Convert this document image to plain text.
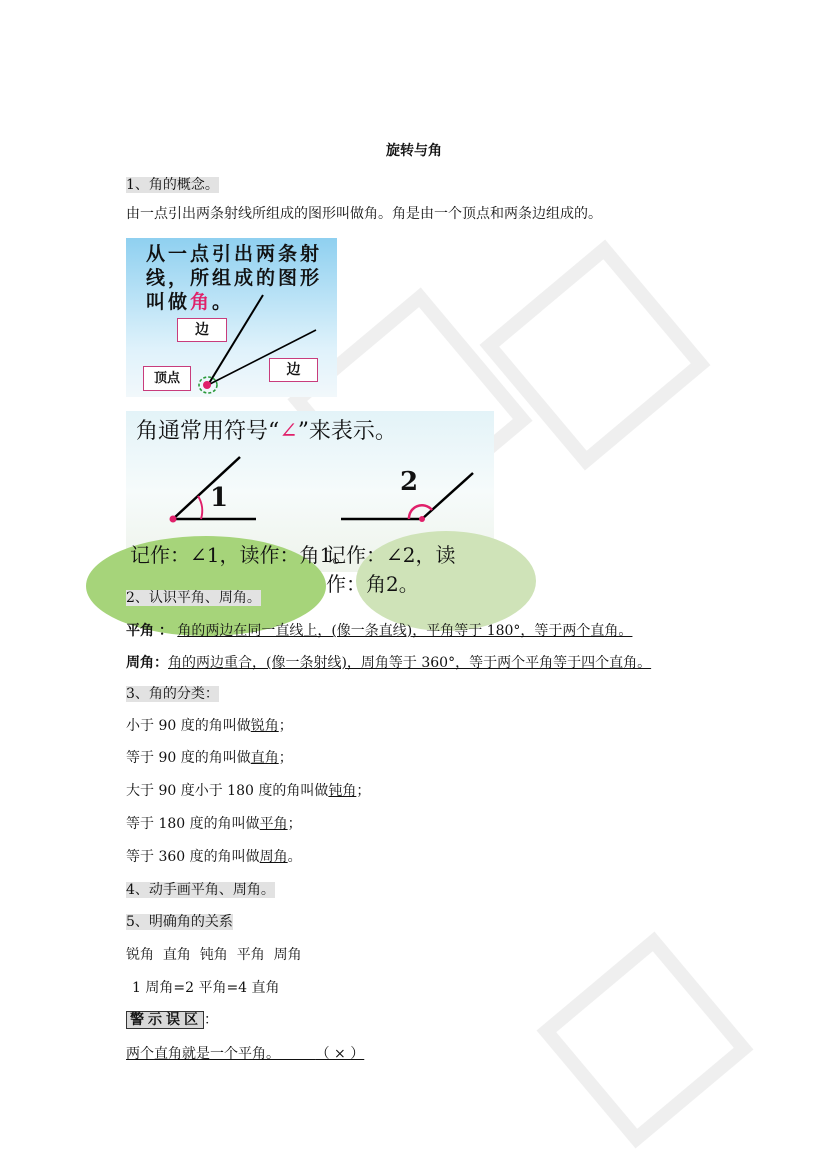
旋转与角
1、角的概念。
由一点引出两条射线所组成的图形叫做角。角是由一个顶点和两条边组成的。
从一点引出两条射
线，所组成的图形
叫做角。
边
边
顶点
角通常用符号“∠”来表示。
1
2
记作：∠1，读作：角1。
记作：∠2，读作：角2。
2、认识平角、周角。
平角 ： 角的两边在同一直线上，(像一条直线)，平角等于 180°，等于两个直角。
周角：角的两边重合，(像一条射线)，周角等于 360°，等于两个平角等于四个直角。
3、角的分类：
小于 90 度的角叫做锐角；
等于 90 度的角叫做直角；
大于 90 度小于 180 度的角叫做钝角；
等于 180 度的角叫做平角；
等于 360 度的角叫做周角。
4、动手画平角、周角。
5、明确角的关系
锐角  直角  钝角  平角  周角
1 周角=2 平角=4 直角
警示误区 ：
两个直角就是一个平角。	（ × ）
